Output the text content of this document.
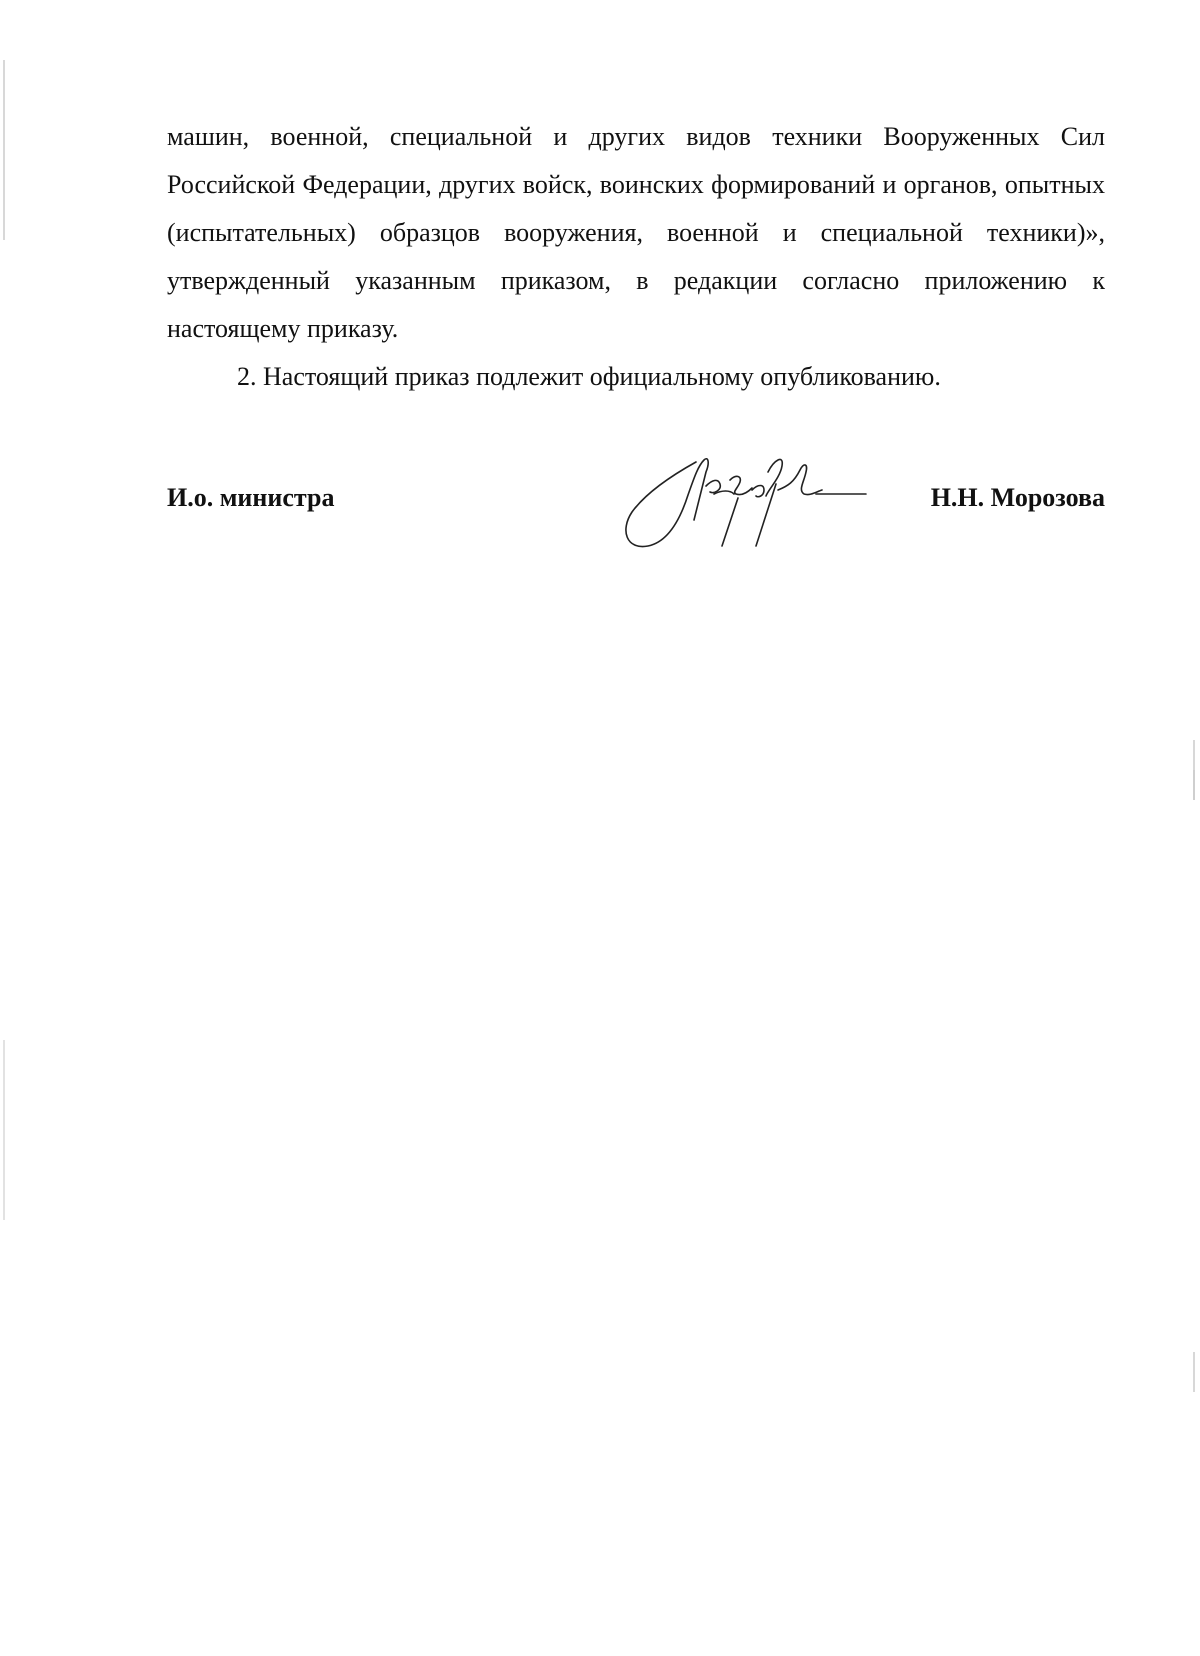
машин, военной, специальной и других видов техники Вооруженных Сил Российской Федерации, других войск, воинских формирований и органов, опытных (испытательных) образцов вооружения, военной и специальной техники)», утвержденный указанным приказом, в редакции согласно приложению к настоящему приказу.

2. Настоящий приказ подлежит официальному опубликованию.

И.о. министра	Н.Н. Морозова
